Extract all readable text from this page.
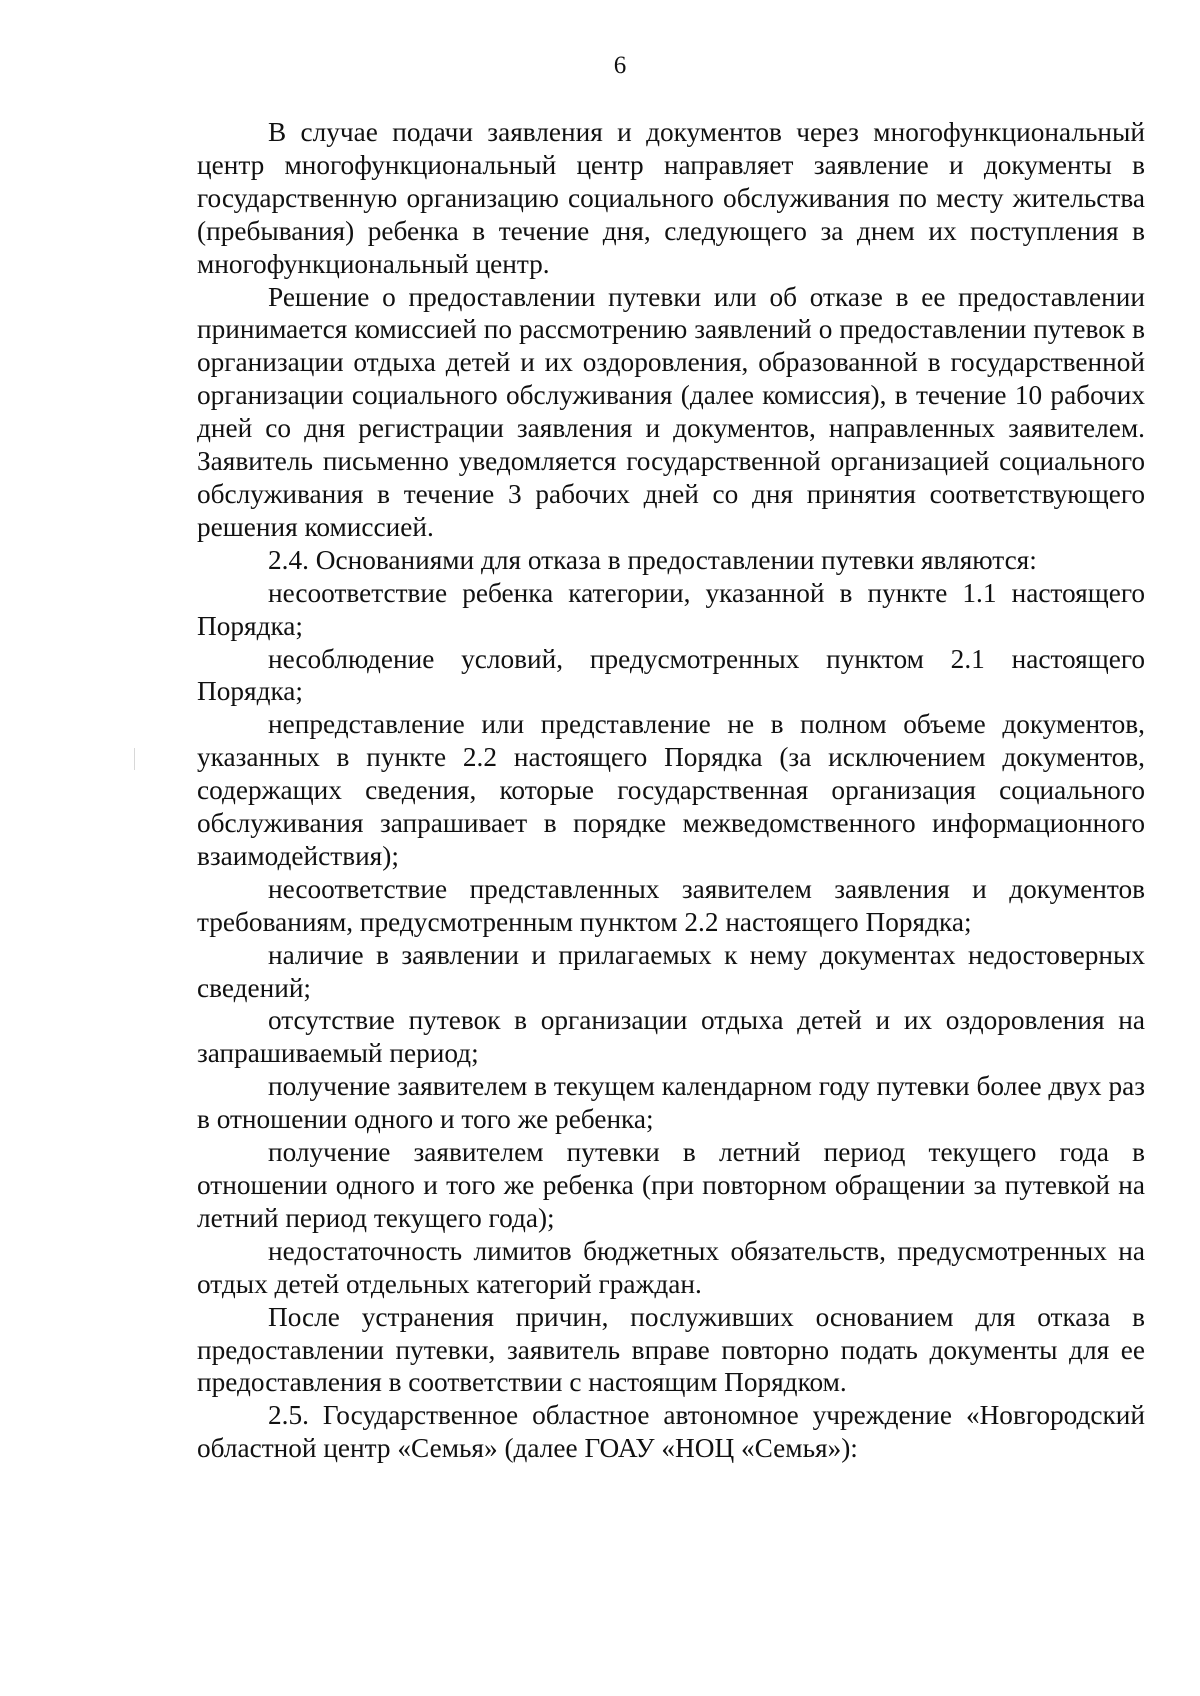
6

В случае подачи заявления и документов через многофункциональный центр многофункциональный центр направляет заявление и документы в государственную организацию социального обслуживания по месту жительства (пребывания) ребенка в течение дня, следующего за днем их поступления в многофункциональный центр.

Решение о предоставлении путевки или об отказе в ее предоставлении принимается комиссией по рассмотрению заявлений о предоставлении путевок в организации отдыха детей и их оздоровления, образованной в государственной организации социального обслуживания (далее комиссия), в течение 10 рабочих дней со дня регистрации заявления и документов, направленных заявителем. Заявитель письменно уведомляется государственной организацией социального обслуживания в течение 3 рабочих дней со дня принятия соответствующего решения комиссией.

2.4. Основаниями для отказа в предоставлении путевки являются:

несоответствие ребенка категории, указанной в пункте 1.1 настоящего Порядка;

несоблюдение условий, предусмотренных пунктом 2.1 настоящего Порядка;

непредставление или представление не в полном объеме документов, указанных в пункте 2.2 настоящего Порядка (за исключением документов, содержащих сведения, которые государственная организация социального обслуживания запрашивает в порядке межведомственного информационного взаимодействия);

несоответствие представленных заявителем заявления и документов требованиям, предусмотренным пунктом 2.2 настоящего Порядка;

наличие в заявлении и прилагаемых к нему документах недостоверных сведений;

отсутствие путевок в организации отдыха детей и их оздоровления на запрашиваемый период;

получение заявителем в текущем календарном году путевки более двух раз в отношении одного и того же ребенка;

получение заявителем путевки в летний период текущего года в отношении одного и того же ребенка (при повторном обращении за путевкой на летний период текущего года);

недостаточность лимитов бюджетных обязательств, предусмотренных на отдых детей отдельных категорий граждан.

После устранения причин, послуживших основанием для отказа в предоставлении путевки, заявитель вправе повторно подать документы для ее предоставления в соответствии с настоящим Порядком.

2.5. Государственное областное автономное учреждение «Новгородский областной центр «Семья» (далее ГОАУ «НОЦ «Семья»):
